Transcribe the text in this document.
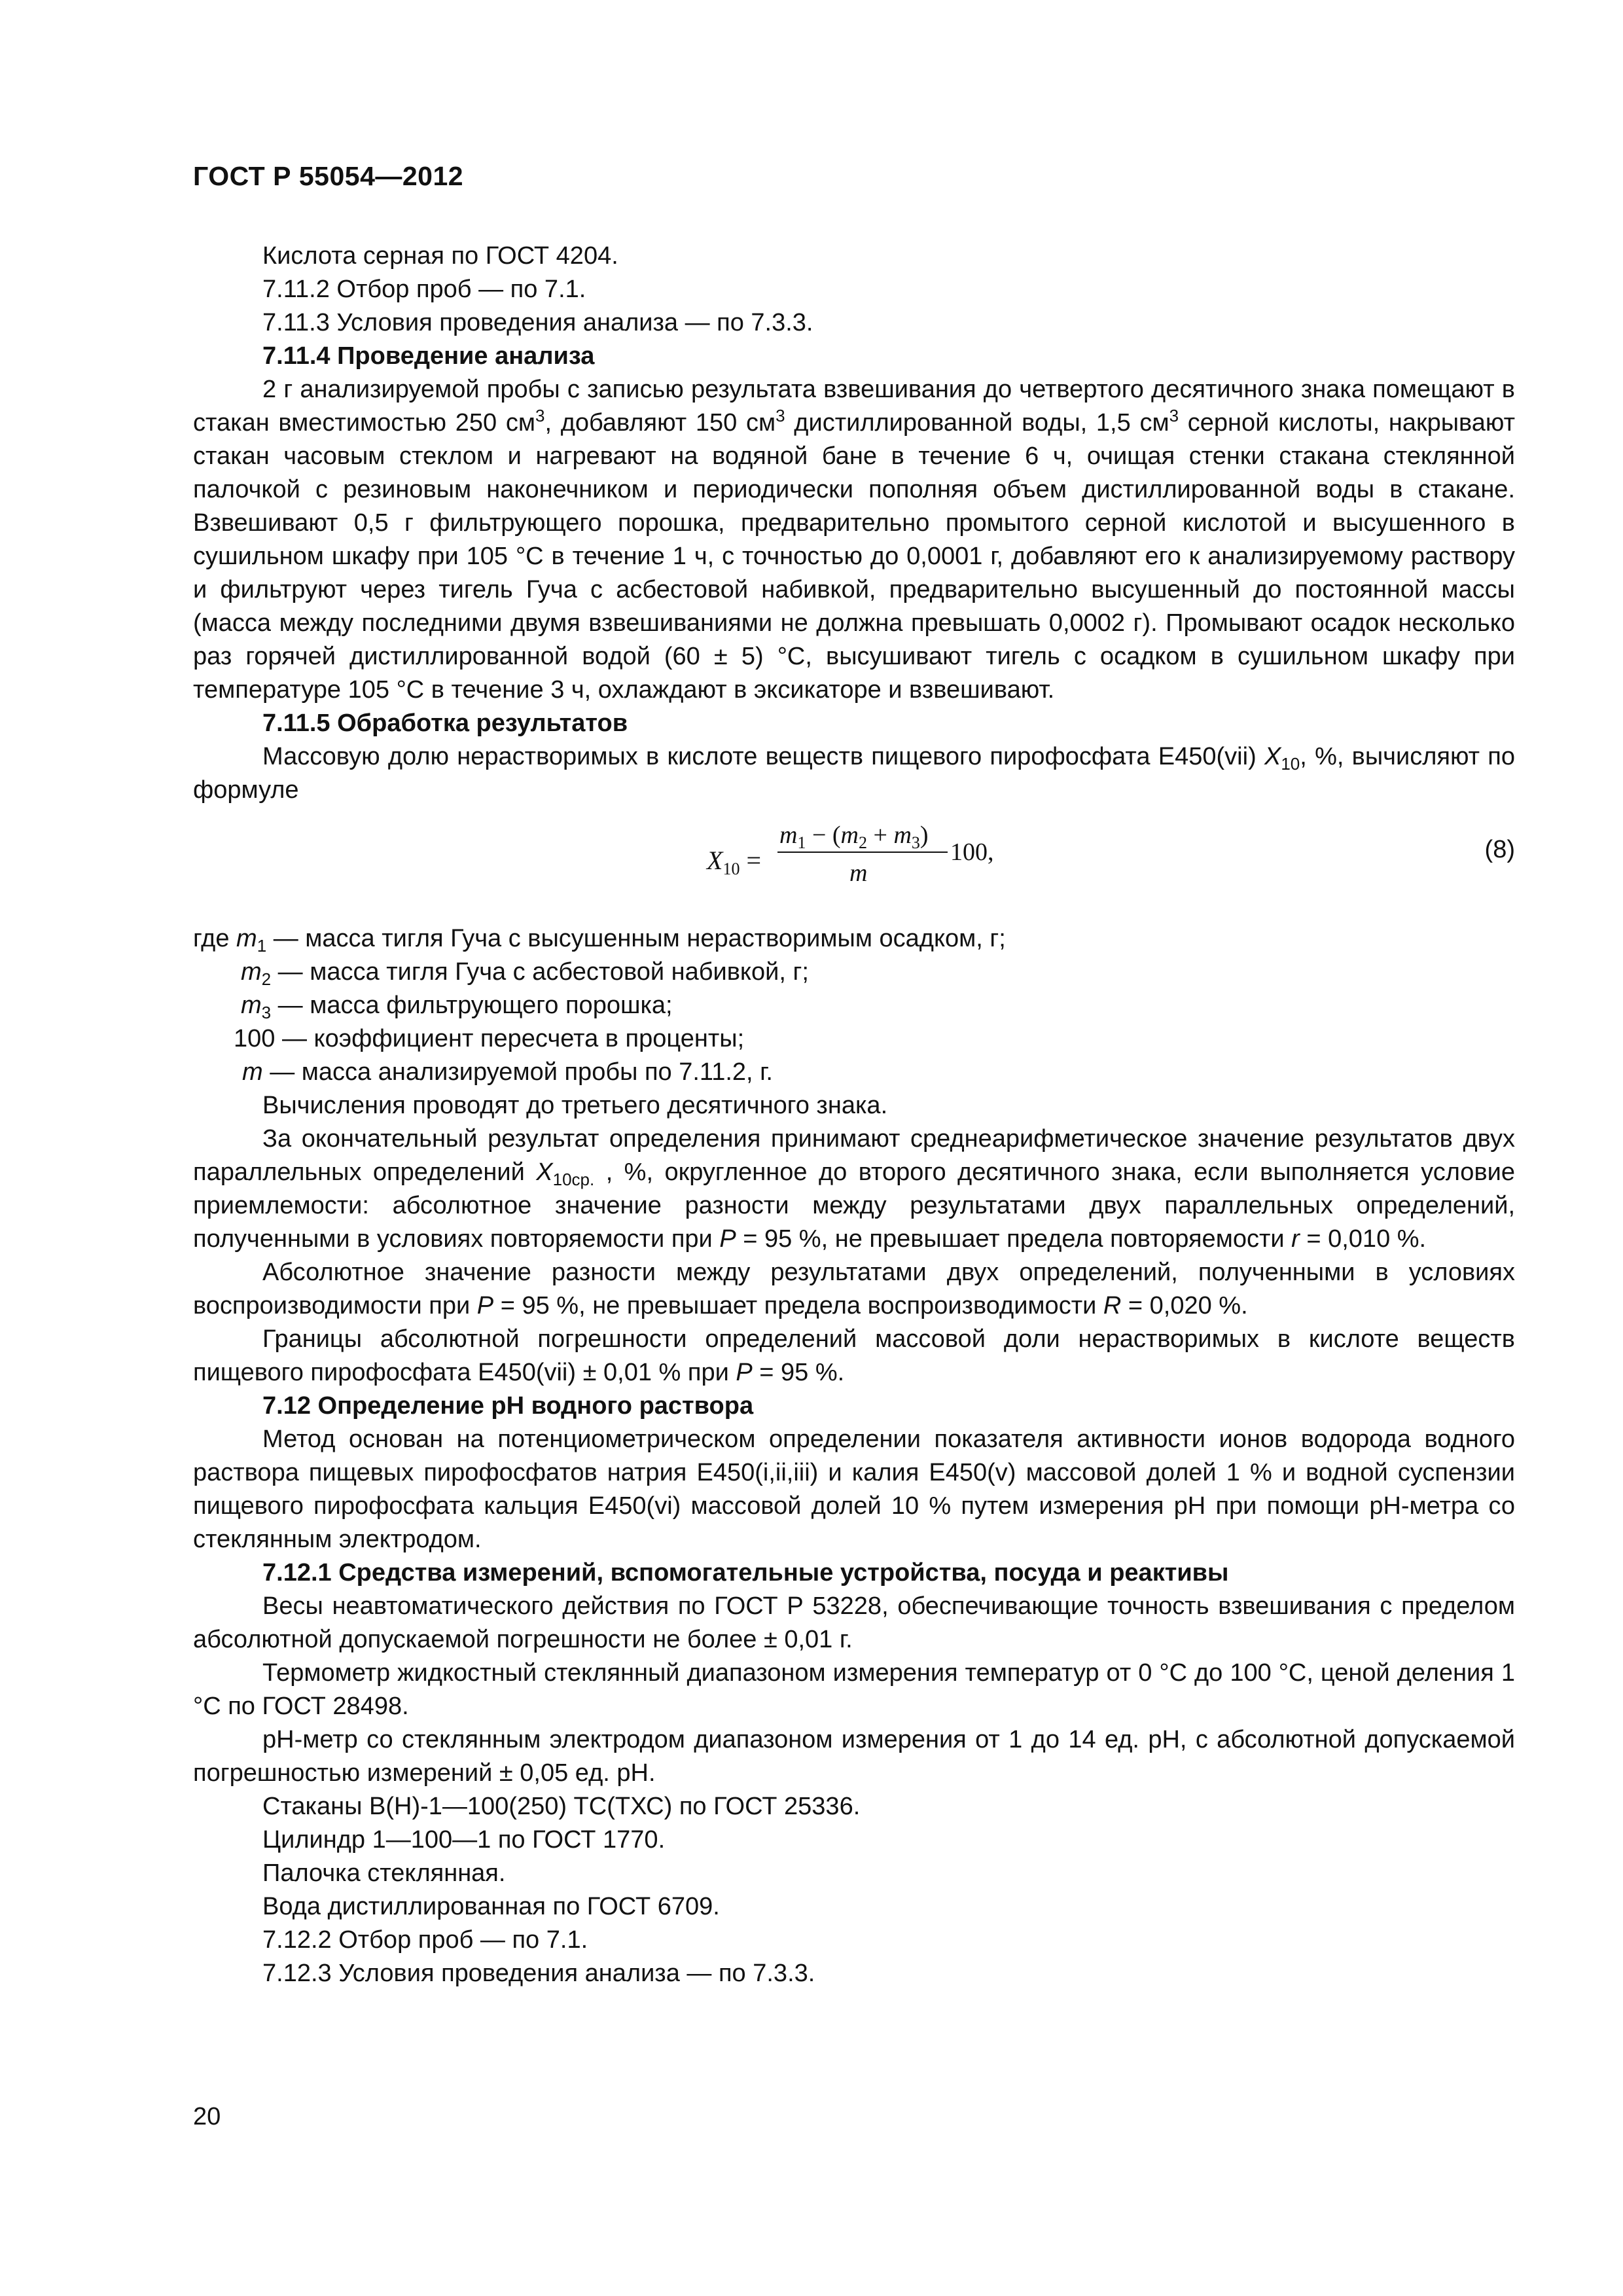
ГОСТ Р 55054—2012

Кислота серная по ГОСТ 4204.

7.11.2 Отбор проб — по 7.1.

7.11.3 Условия проведения анализа — по 7.3.3.

7.11.4 Проведение анализа

2 г анализируемой пробы с записью результата взвешивания до четвертого десятичного знака помещают в стакан вместимостью 250 $см^3$, добавляют 150 $см^3$ дистиллированной воды, 1,5 $см^3$ серной кислоты, накрывают стакан часовым стеклом и нагревают на водяной бане в течение 6 ч, очищая стенки стакана стеклянной палочкой с резиновым наконечником и периодически пополняя объем дистиллированной воды в стакане. Взвешивают 0,5 г фильтрующего порошка, предварительно промытого серной кислотой и высушенного в сушильном шкафу при 105 °С в течение 1 ч, с точностью до 0,0001 г, добавляют его к анализируемому раствору и фильтруют через тигель Гуча с асбестовой набивкой, предварительно высушенный до постоянной массы (масса между последними двумя взвешиваниями не должна превышать 0,0002 г). Промывают осадок несколько раз горячей дистиллированной водой (60 ± 5) °С, высушивают тигель с осадком в сушильном шкафу при температуре 105 °С в течение 3 ч, охлаждают в эксикаторе и взвешивают.

7.11.5 Обработка результатов

Массовую долю нерастворимых в кислоте веществ пищевого пирофосфата Е450(vii) $X_{10}$, %, вычисляют по формуле

$X_{10}$ =
$m_1 - (m_2 + m_3)$
m
100,	(8)
где $m_1$ — масса тигля Гуча с высушенным нерастворимым осадком, г;
$m_2$ — масса тигля Гуча с асбестовой набивкой, г;
$m_3$ — масса фильтрующего порошка;
100 — коэффициент пересчета в проценты;
m — масса анализируемой пробы по 7.11.2, г.

Вычисления проводят до третьего десятичного знака.

За окончательный результат определения принимают среднеарифметическое значение результатов двух параллельных определений $X_{10ср.}$ , %, округленное до второго десятичного знака, если выполняется условие приемлемости: абсолютное значение разности между результатами двух параллельных определений, полученными в условиях повторяемости при P = 95 %, не превышает предела повторяемости r = 0,010 %.

Абсолютное значение разности между результатами двух определений, полученными в условиях воспроизводимости при P = 95 %, не превышает предела воспроизводимости R = 0,020 %.

Границы абсолютной погрешности определений массовой доли нерастворимых в кислоте веществ пищевого пирофосфата Е450(vii) ± 0,01 % при P = 95 %.

7.12 Определение рН водного раствора

Метод основан на потенциометрическом определении показателя активности ионов водорода водного раствора пищевых пирофосфатов натрия Е450(i,ii,iii) и калия Е450(v) массовой долей 1 % и водной суспензии пищевого пирофосфата кальция Е450(vi) массовой долей 10 % путем измерения рН при помощи рН-метра со стеклянным электродом.

7.12.1 Средства измерений, вспомогательные устройства, посуда и реактивы

Весы неавтоматического действия по ГОСТ Р 53228, обеспечивающие точность взвешивания с пределом абсолютной допускаемой погрешности не более ± 0,01 г.

Термометр жидкостный стеклянный диапазоном измерения температур от 0 °С до 100 °С, ценой деления 1 °С по ГОСТ 28498.

рН-метр со стеклянным электродом диапазоном измерения от 1 до 14 ед. рН, с абсолютной допускаемой погрешностью измерений ± 0,05 ед. рН.

Стаканы В(Н)-1—100(250) ТС(ТХС) по ГОСТ 25336.

Цилиндр 1—100—1 по ГОСТ 1770.

Палочка стеклянная.

Вода дистиллированная по ГОСТ 6709.

7.12.2 Отбор проб — по 7.1.

7.12.3 Условия проведения анализа — по 7.3.3.

20
